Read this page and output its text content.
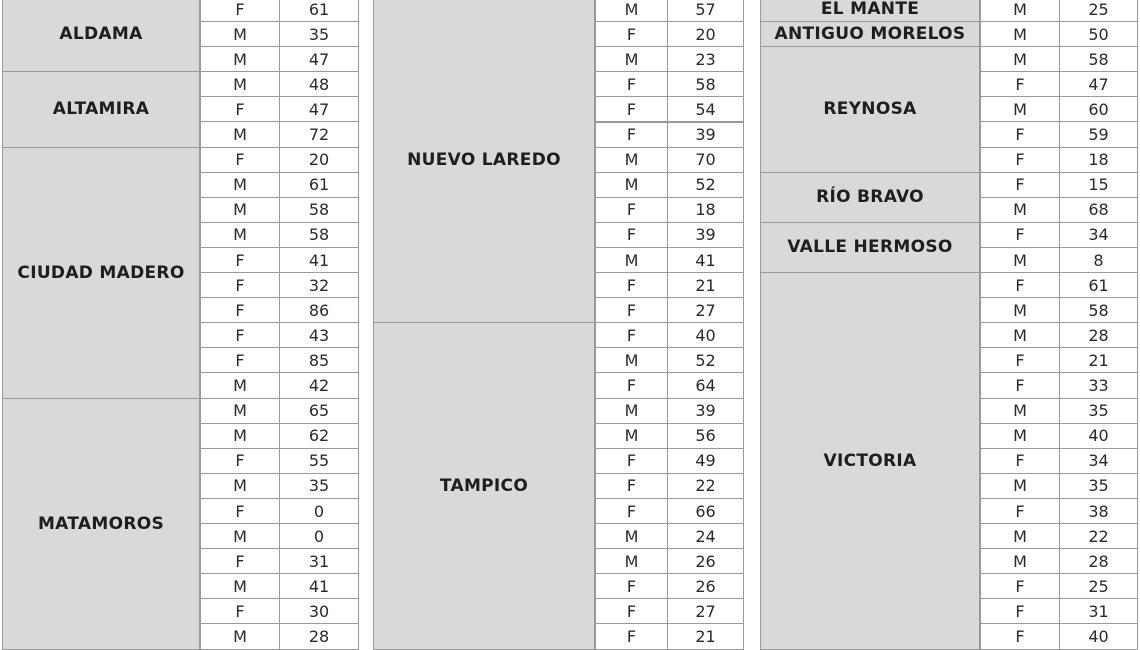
ALDAMA
F	61
M	35
M	47
ALTAMIRA
M	48
F	47
M	72
CIUDAD MADERO
F	20
M	61
M	58
M	58
F	41
F	32
F	86
F	43
F	85
M	42
MATAMOROS
M	65
M	62
F	55
M	35
F	0
M	0
F	31
M	41
F	30
M	28
NUEVO LAREDO
M	57
F	20
M	23
F	58
F	54
F	39
M	70
M	52
F	18
F	39
M	41
F	21
F	27
TAMPICO
F	40
M	52
F	64
M	39
M	56
F	49
F	22
F	66
M	24
M	26
F	26
F	27
F	21
EL MANTE	M	25
ANTIGUO MORELOS	M	50
REYNOSA
M	58
F	47
M	60
F	59
F	18
RÍO BRAVO
F	15
M	68
VALLE HERMOSO
F	34
M	8
VICTORIA
F	61
M	58
M	28
F	21
F	33
M	35
M	40
F	34
M	35
F	38
M	22
M	28
F	25
F	31
F	40
